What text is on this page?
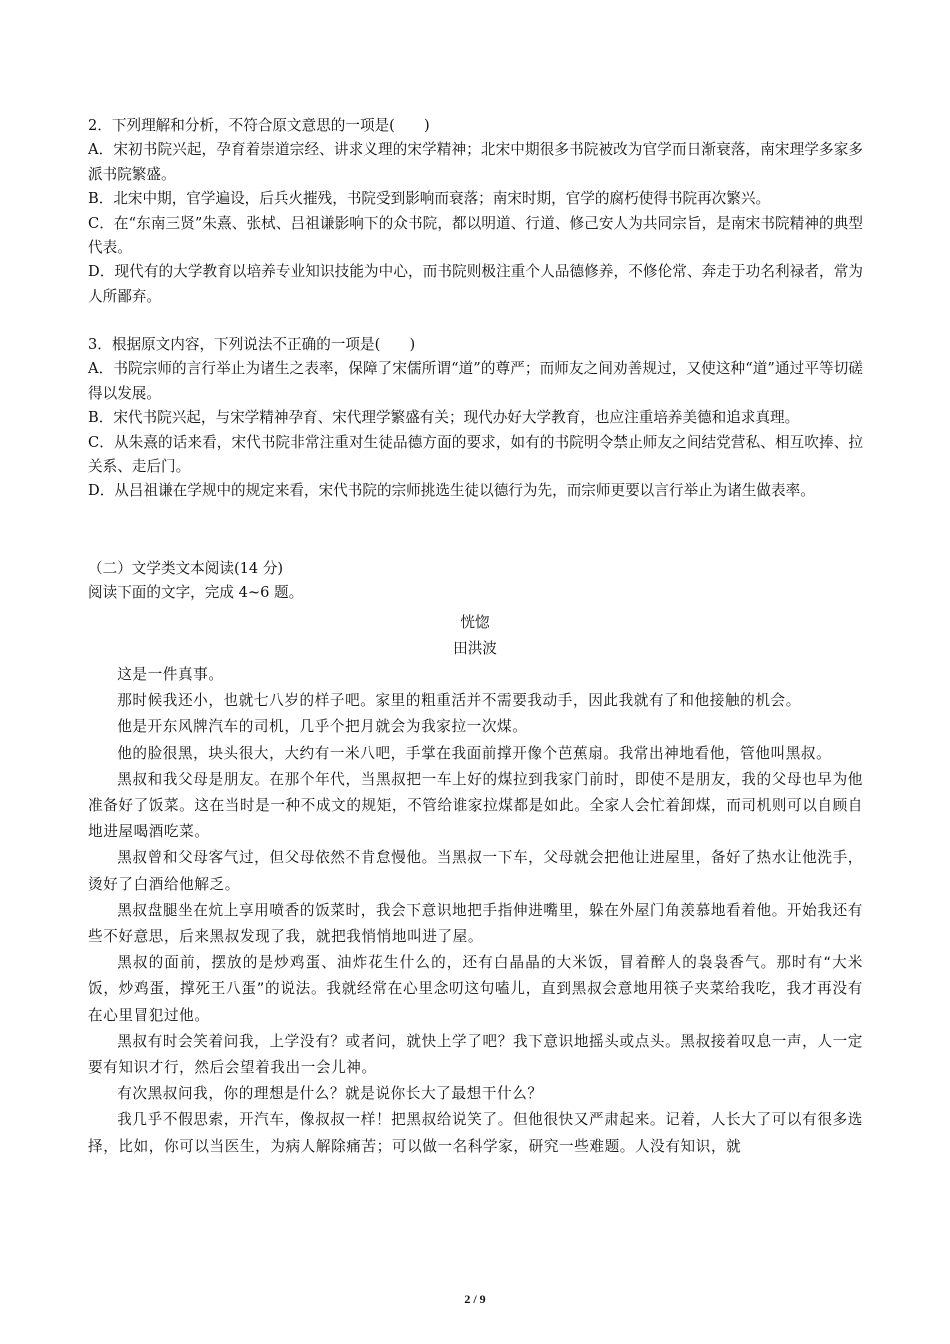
2．下列理解和分析，不符合原文意思的一项是(　　)
A．宋初书院兴起，孕育着崇道宗经、讲求义理的宋学精神；北宋中期很多书院被改为官学而日渐衰落，南宋理学多家多派书院繁盛。
B．北宋中期，官学遍设，后兵火摧残，书院受到影响而衰落；南宋时期，官学的腐朽使得书院再次繁兴。
C．在“东南三贤”朱熹、张栻、吕祖谦影响下的众书院，都以明道、行道、修己安人为共同宗旨，是南宋书院精神的典型代表。
D．现代有的大学教育以培养专业知识技能为中心，而书院则极注重个人品德修养，不修伦常、奔走于功名利禄者，常为人所鄙弃。
3．根据原文内容，下列说法不正确的一项是(　　)
A．书院宗师的言行举止为诸生之表率，保障了宋儒所谓“道”的尊严；而师友之间劝善规过，又使这种“道”通过平等切磋得以发展。
B．宋代书院兴起，与宋学精神孕育、宋代理学繁盛有关；现代办好大学教育，也应注重培养美德和追求真理。
C．从朱熹的话来看，宋代书院非常注重对生徒品德方面的要求，如有的书院明令禁止师友之间结党营私、相互吹捧、拉关系、走后门。
D．从吕祖谦在学规中的规定来看，宋代书院的宗师挑选生徒以德行为先，而宗师更要以言行举止为诸生做表率。
（二）文学类文本阅读(14 分)
阅读下面的文字，完成 4~6 题。
恍惚
田洪波

这是一件真事。

那时候我还小，也就七八岁的样子吧。家里的粗重活并不需要我动手，因此我就有了和他接触的机会。

他是开东风牌汽车的司机，几乎个把月就会为我家拉一次煤。

他的脸很黑，块头很大，大约有一米八吧，手掌在我面前撑开像个芭蕉扇。我常出神地看他，管他叫黑叔。

黑叔和我父母是朋友。在那个年代，当黑叔把一车上好的煤拉到我家门前时，即使不是朋友，我的父母也早为他准备好了饭菜。这在当时是一种不成文的规矩，不管给谁家拉煤都是如此。全家人会忙着卸煤，而司机则可以自顾自地进屋喝酒吃菜。

黑叔曾和父母客气过，但父母依然不肯怠慢他。当黑叔一下车，父母就会把他让进屋里，备好了热水让他洗手，烫好了白酒给他解乏。

黑叔盘腿坐在炕上享用喷香的饭菜时，我会下意识地把手指伸进嘴里，躲在外屋门角羡慕地看着他。开始我还有些不好意思，后来黑叔发现了我，就把我悄悄地叫进了屋。

黑叔的面前，摆放的是炒鸡蛋、油炸花生什么的，还有白晶晶的大米饭，冒着醉人的袅袅香气。那时有“大米饭，炒鸡蛋，撑死王八蛋”的说法。我就经常在心里念叨这句嗑儿，直到黑叔会意地用筷子夹菜给我吃，我才再没有在心里冒犯过他。

黑叔有时会笑着问我，上学没有？或者问，就快上学了吧？我下意识地摇头或点头。黑叔接着叹息一声，人一定要有知识才行，然后会望着我出一会儿神。

有次黑叔问我，你的理想是什么？就是说你长大了最想干什么？

我几乎不假思索，开汽车，像叔叔一样！把黑叔给说笑了。但他很快又严肃起来。记着，人长大了可以有很多选择，比如，你可以当医生，为病人解除痛苦；可以做一名科学家，研究一些难题。人没有知识，就

2 / 9
